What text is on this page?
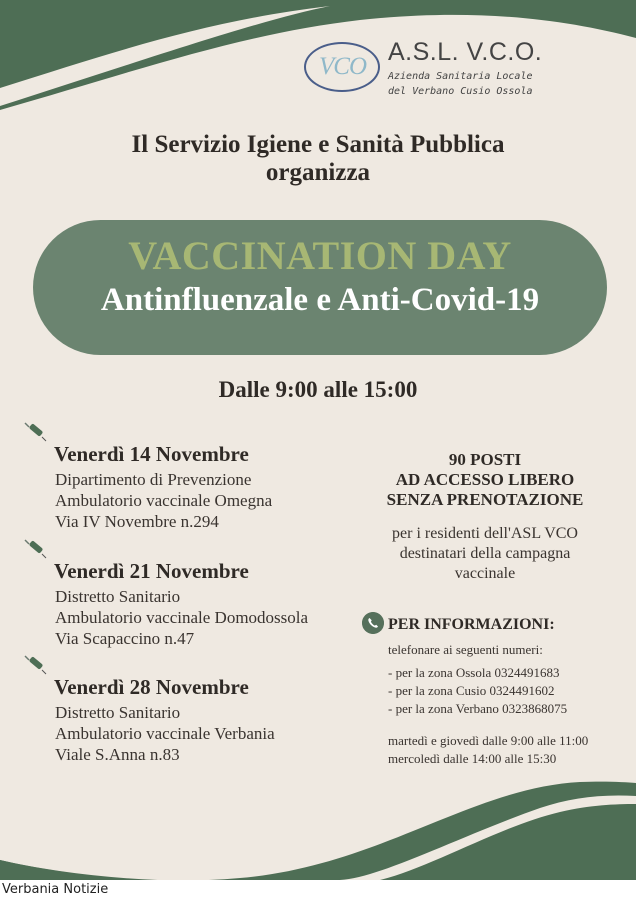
VCO
A.S.L. V.C.O.
Azienda Sanitaria Locale
del Verbano Cusio Ossola
Il Servizio Igiene e Sanità Pubblica
organizza
VACCINATION DAY
Antinfluenzale e Anti-Covid-19
Dalle 9:00 alle 15:00
Venerdì 14 Novembre
Dipartimento di Prevenzione
Ambulatorio vaccinale Omegna
Via IV Novembre n.294
Venerdì 21 Novembre
Distretto Sanitario
Ambulatorio vaccinale Domodossola
Via Scapaccino n.47
Venerdì 28 Novembre
Distretto Sanitario
Ambulatorio vaccinale Verbania
Viale S.Anna n.83
90 POSTI
AD ACCESSO LIBERO
SENZA PRENOTAZIONE
per i residenti dell'ASL VCO
destinatari della campagna
vaccinale
PER INFORMAZIONI:
telefonare ai seguenti numeri:
- per la zona Ossola 0324491683
- per la zona Cusio 0324491602
- per la zona Verbano 0323868075
martedì e giovedì dalle 9:00 alle 11:00
mercoledì dalle 14:00 alle 15:30
Verbania Notizie
